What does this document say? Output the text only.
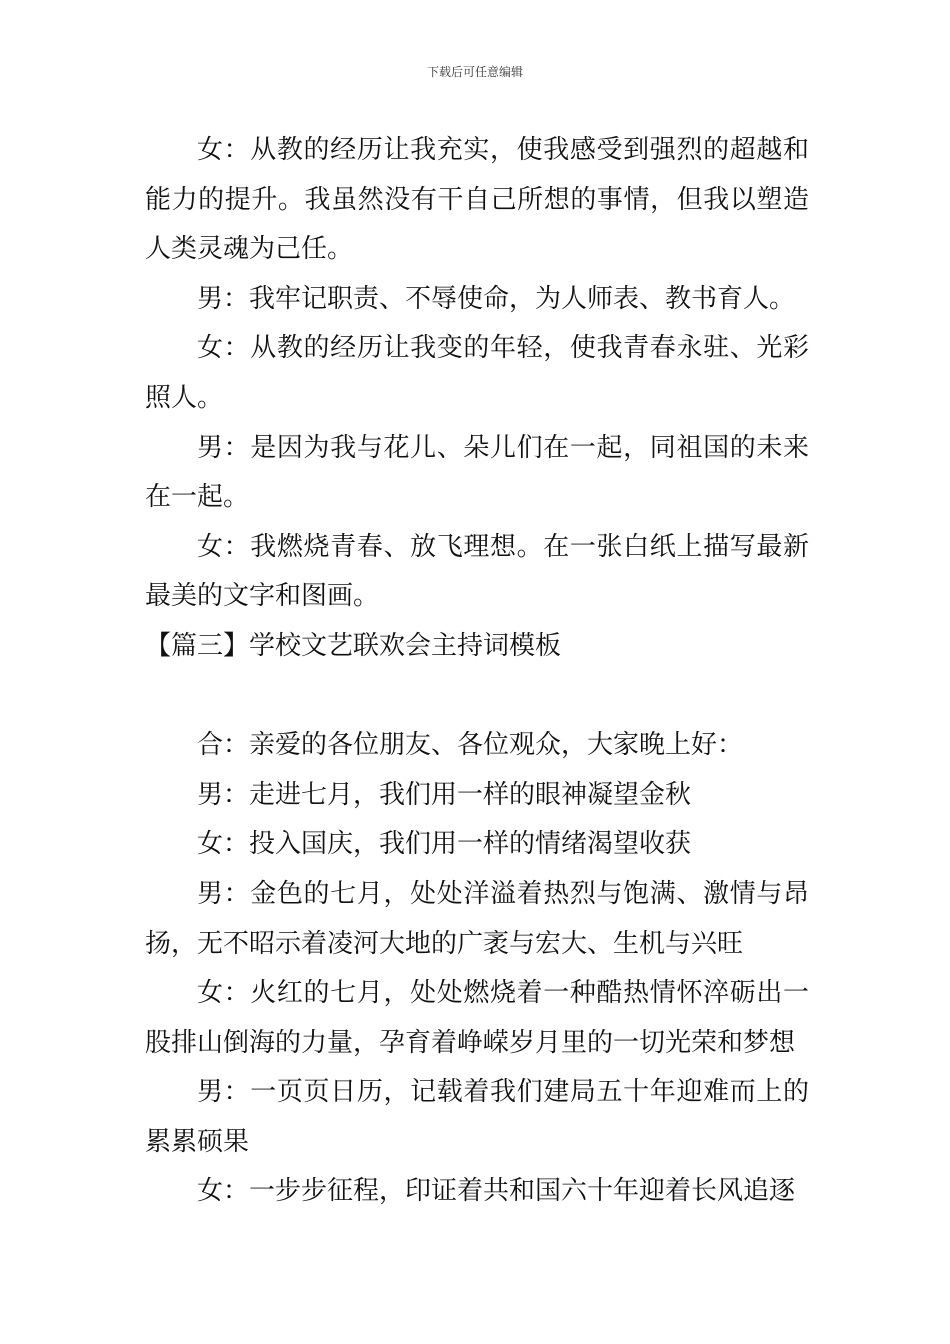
下载后可任意编辑

女：从教的经历让我充实，使我感受到强烈的超越和能力的提升。我虽然没有干自己所想的事情，但我以塑造人类灵魂为己任。

男：我牢记职责、不辱使命，为人师表、教书育人。

女：从教的经历让我变的年轻，使我青春永驻、光彩照人。

男：是因为我与花儿、朵儿们在一起，同祖国的未来在一起。

女：我燃烧青春、放飞理想。在一张白纸上描写最新最美的文字和图画。

【篇三】学校文艺联欢会主持词模板

合：亲爱的各位朋友、各位观众，大家晚上好：

男：走进七月，我们用一样的眼神凝望金秋

女：投入国庆，我们用一样的情绪渴望收获

男：金色的七月，处处洋溢着热烈与饱满、激情与昂扬，无不昭示着凌河大地的广袤与宏大、生机与兴旺

女：火红的七月，处处燃烧着一种酷热情怀淬砺出一股排山倒海的力量，孕育着峥嵘岁月里的一切光荣和梦想

男：一页页日历，记载着我们建局五十年迎难而上的累累硕果

女：一步步征程，印证着共和国六十年迎着长风追逐
